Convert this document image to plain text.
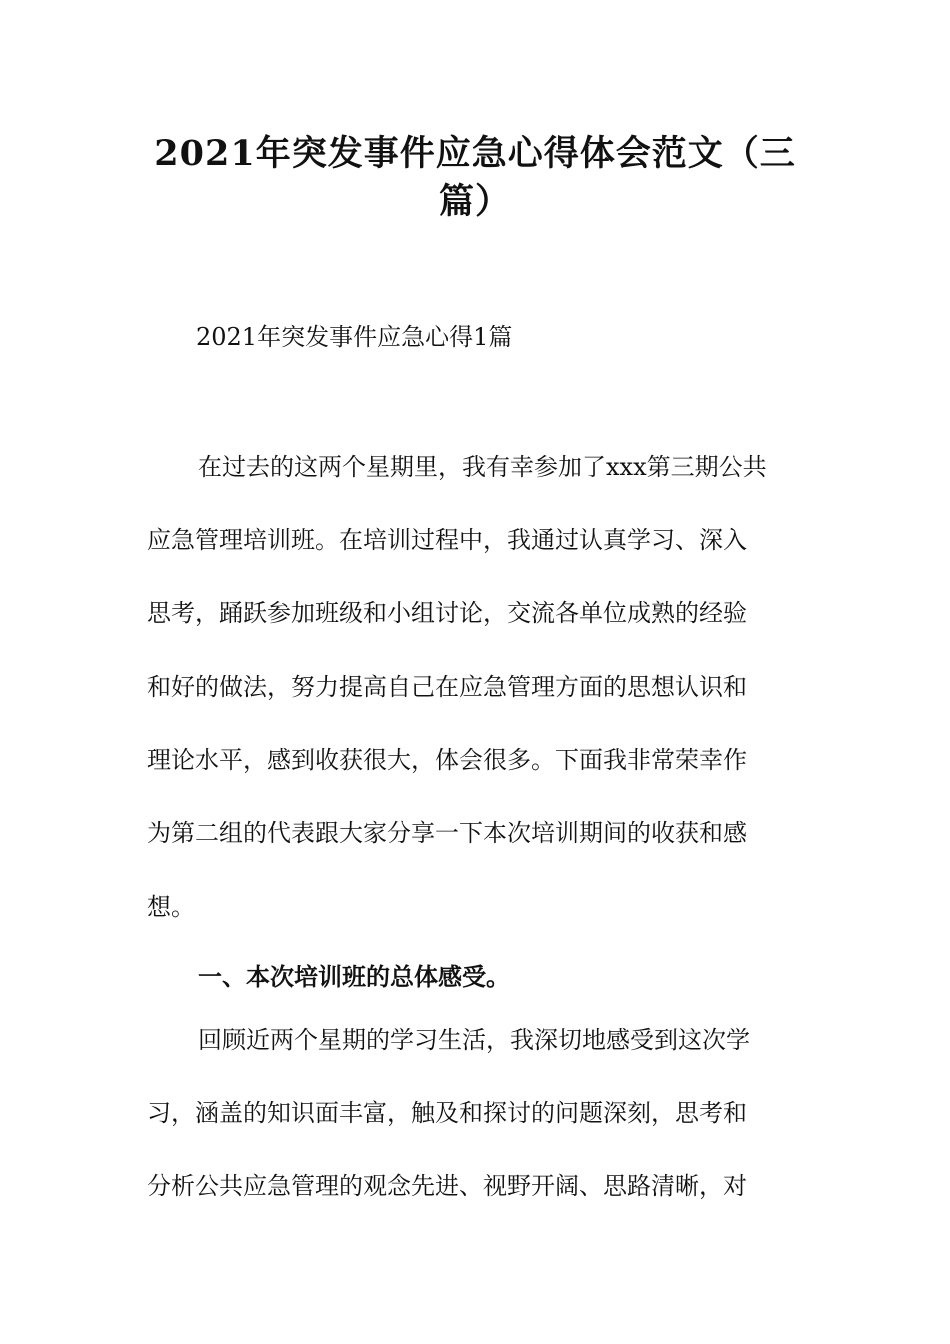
2021年突发事件应急心得体会范文（三
篇）
2021年突发事件应急心得1篇
在过去的这两个星期里，我有幸参加了xxx第三期公共
应急管理培训班。在培训过程中，我通过认真学习、深入
思考，踊跃参加班级和小组讨论，交流各单位成熟的经验
和好的做法，努力提高自己在应急管理方面的思想认识和
理论水平，感到收获很大，体会很多。下面我非常荣幸作
为第二组的代表跟大家分享一下本次培训期间的收获和感
想。
一、本次培训班的总体感受。
回顾近两个星期的学习生活，我深切地感受到这次学
习，涵盖的知识面丰富，触及和探讨的问题深刻，思考和
分析公共应急管理的观念先进、视野开阔、思路清晰，对
